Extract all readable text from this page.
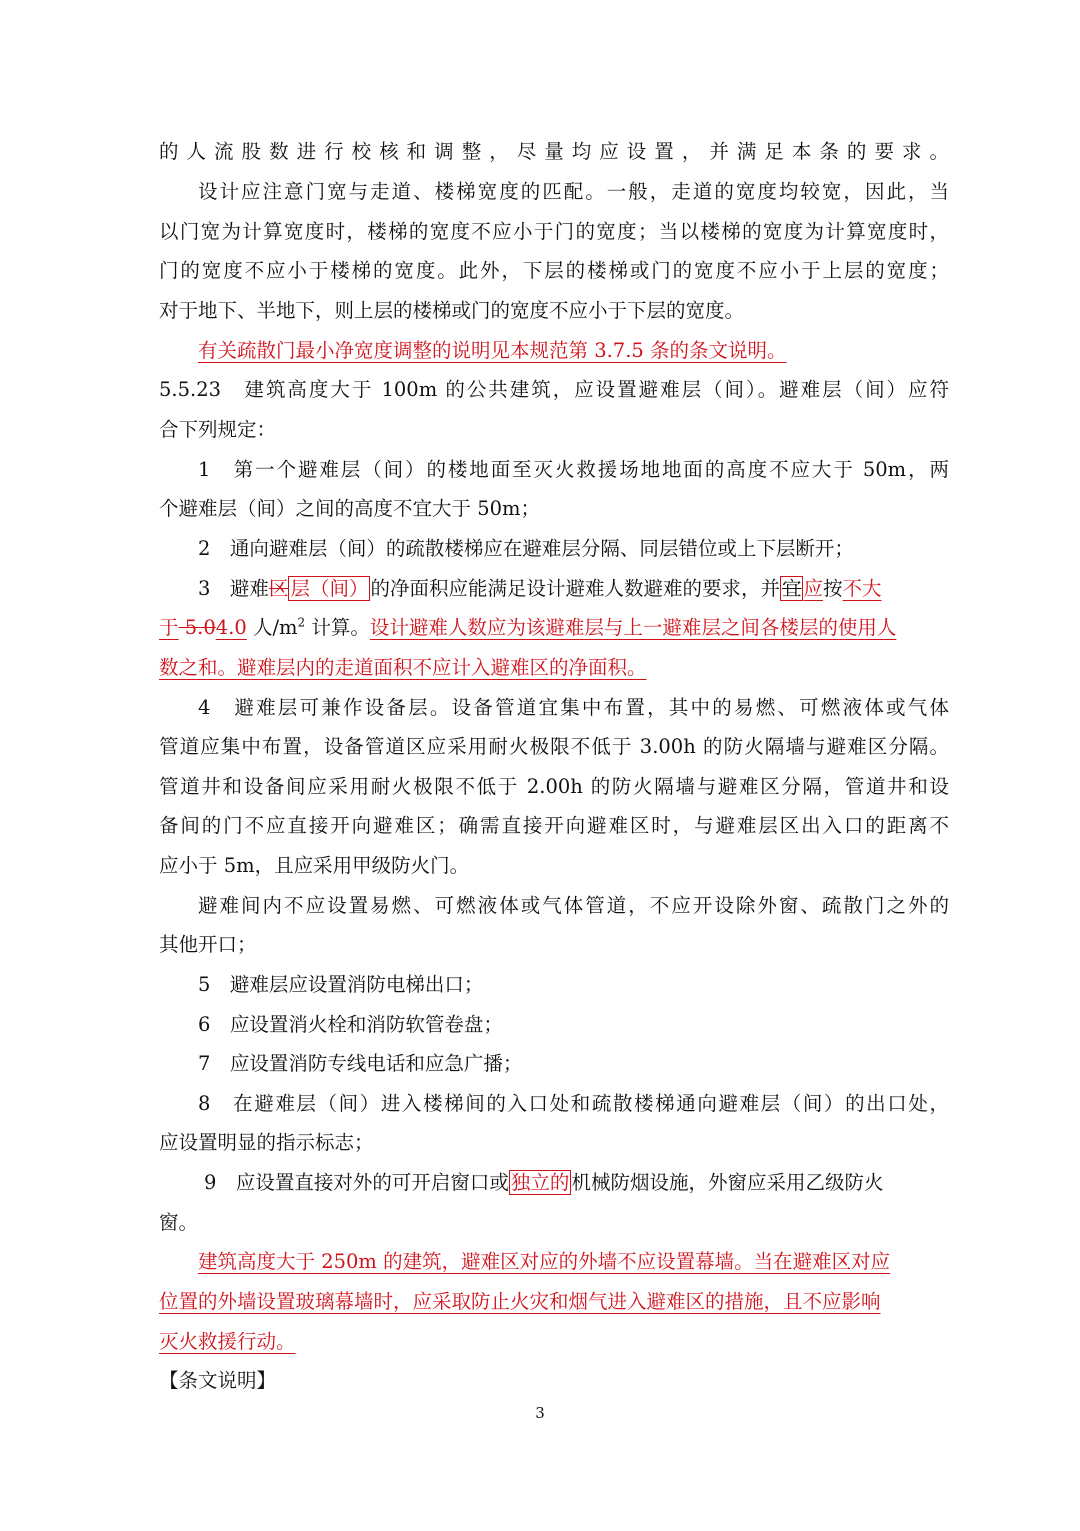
的人流股数进行校核和调整，尽量均应设置，并满足本条的要求。
设计应注意门宽与走道、楼梯宽度的匹配。一般，走道的宽度均较宽，因此，当
以门宽为计算宽度时，楼梯的宽度不应小于门的宽度；当以楼梯的宽度为计算宽度时，
门的宽度不应小于楼梯的宽度。此外，下层的楼梯或门的宽度不应小于上层的宽度；
对于地下、半地下，则上层的楼梯或门的宽度不应小于下层的宽度。
有关疏散门最小净宽度调整的说明见本规范第 3.7.5 条的条文说明。
5.5.23　建筑高度大于 100m 的公共建筑，应设置避难层（间）。避难层（间）应符
合下列规定：
1　第一个避难层（间）的楼地面至灭火救援场地地面的高度不应大于 50m，两
个避难层（间）之间的高度不宜大于 50m；
2　通向避难层（间）的疏散楼梯应在避难层分隔、同层错位或上下层断开；
3　避难区 层（间） 的净面积应能满足设计避难人数避难的要求，并 宜 应按不大
于 5.04.0 人$/m^2$ 计算。设计避难人数应为该避难层与上一避难层之间各楼层的使用人
数之和。避难层内的走道面积不应计入避难区的净面积。
4　避难层可兼作设备层。设备管道宜集中布置，其中的易燃、可燃液体或气体
管道应集中布置，设备管道区应采用耐火极限不低于 3.00h 的防火隔墙与避难区分隔。
管道井和设备间应采用耐火极限不低于 2.00h 的防火隔墙与避难区分隔，管道井和设
备间的门不应直接开向避难区；确需直接开向避难区时，与避难层区出入口的距离不
应小于 5m，且应采用甲级防火门。
避难间内不应设置易燃、可燃液体或气体管道，不应开设除外窗、疏散门之外的
其他开口；
5　避难层应设置消防电梯出口；
6　应设置消火栓和消防软管卷盘；
7　应设置消防专线电话和应急广播；
8　在避难层（间）进入楼梯间的入口处和疏散楼梯通向避难层（间）的出口处，
应设置明显的指示标志；
9　应设置直接对外的可开启窗口或 独立的 机械防烟设施，外窗应采用乙级防火
窗。
建筑高度大于 250m 的建筑，避难区对应的外墙不应设置幕墙。当在避难区对应
位置的外墙设置玻璃幕墙时，应采取防止火灾和烟气进入避难区的措施，且不应影响
灭火救援行动。
【条文说明】
3
